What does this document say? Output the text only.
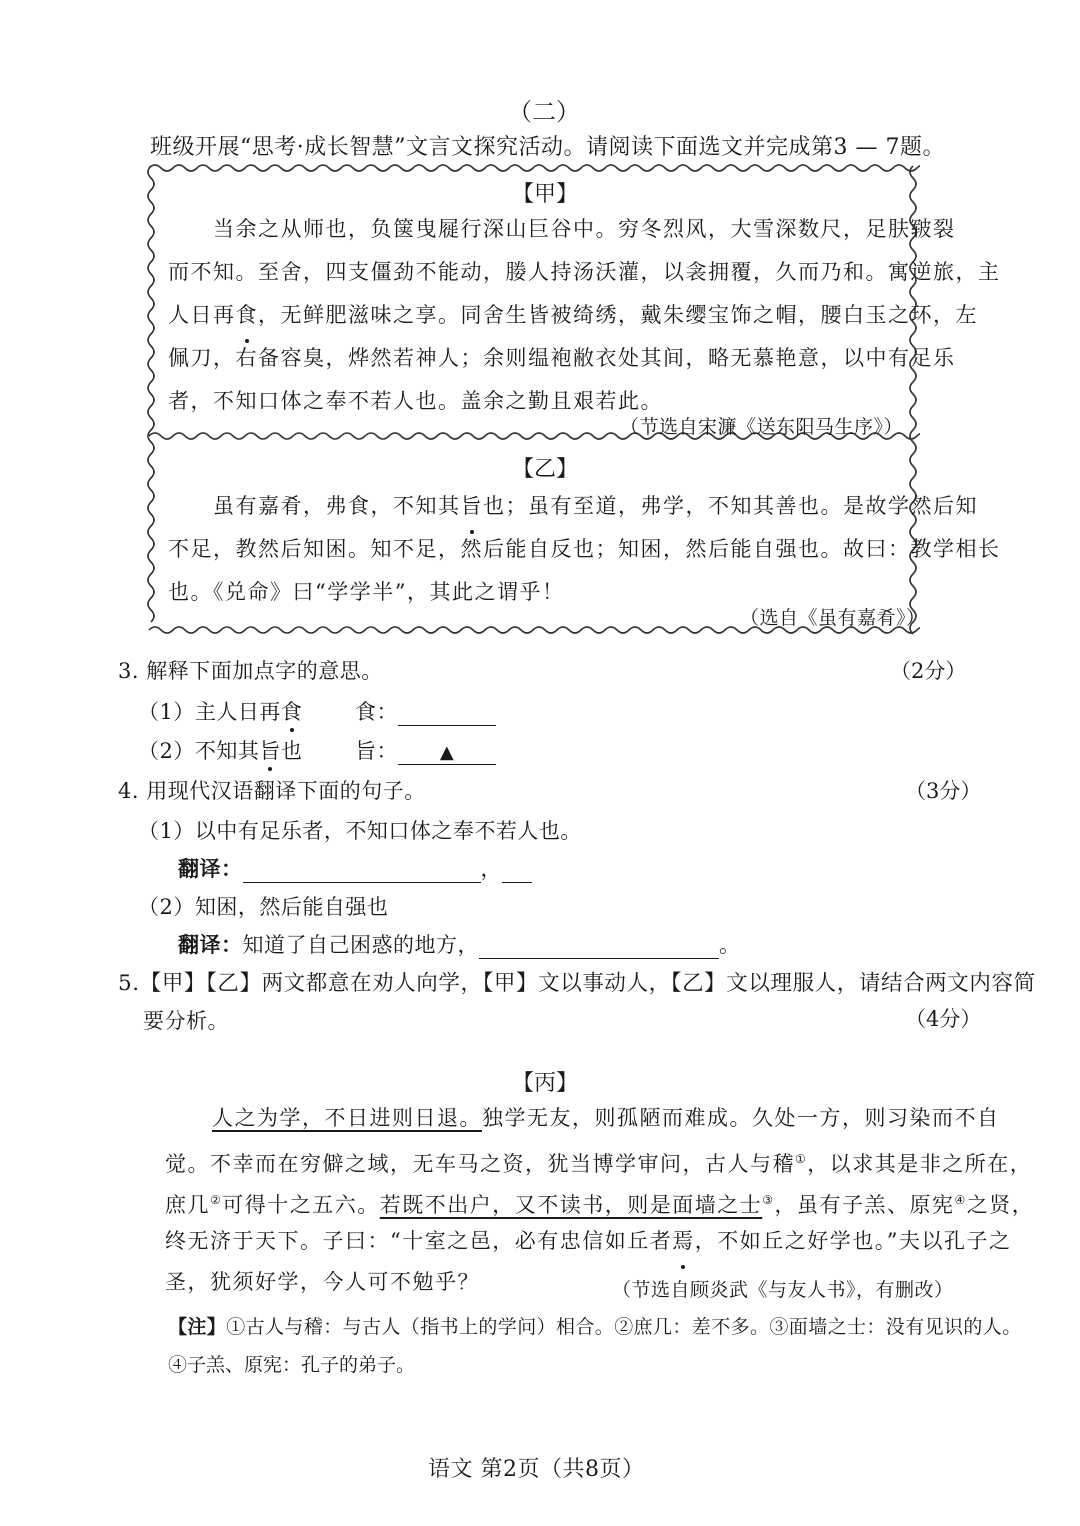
（二）
班级开展“思考·成长智慧”文言文探究活动。请阅读下面选文并完成第3 — 7题。
【甲】
当余之从师也，负箧曳屣行深山巨谷中。穷冬烈风，大雪深数尺，足肤皲裂
而不知。至舍，四支僵劲不能动，媵人持汤沃灌，以衾拥覆，久而乃和。寓逆旅，主
人日再食，无鲜肥滋味之享。同舍生皆被绮绣，戴朱缨宝饰之帽，腰白玉之环，左
佩刀，右备容臭，烨然若神人；余则缊袍敝衣处其间，略无慕艳意，以中有足乐
者，不知口体之奉不若人也。盖余之勤且艰若此。
（节选自宋濂《送东阳马生序》）
【乙】
虽有嘉肴，弗食，不知其旨也；虽有至道，弗学，不知其善也。是故学然后知
不足，教然后知困。知不足，然后能自反也；知困，然后能自强也。故曰：教学相长
也。《兑命》曰“学学半”，其此之谓乎！
（选自《虽有嘉肴》）
3. 解释下面加点字的意思。	（2分）
（1）主人日再食	食：
（2）不知其旨也	旨： ▲
4. 用现代汉语翻译下面的句子。	（3分）
（1）以中有足乐者，不知口体之奉不若人也。
翻译：	，
（2）知困，然后能自强也
翻译：知道了自己困惑的地方，	。
5.【甲】【乙】两文都意在劝人向学，【甲】文以事动人，【乙】文以理服人，请结合两文内容简
要分析。	（4分）
【丙】
人之为学，不日进则日退。独学无友，则孤陋而难成。久处一方，则习染而不自
觉。不幸而在穷僻之域，无车马之资，犹当博学审问，古人与稽①，以求其是非之所在，
庶几②可得十之五六。若既不出户，又不读书，则是面墙之士③，虽有子羔、原宪④之贤，
终无济于天下。子曰：“十室之邑，必有忠信如丘者焉，不如丘之好学也。”夫以孔子之
圣，犹须好学，今人可不勉乎？	（节选自顾炎武《与友人书》，有删改）
【注】①古人与稽：与古人（指书上的学问）相合。②庶几：差不多。③面墙之士：没有见识的人。
④子羔、原宪：孔子的弟子。
语文 第2页（共8页）
